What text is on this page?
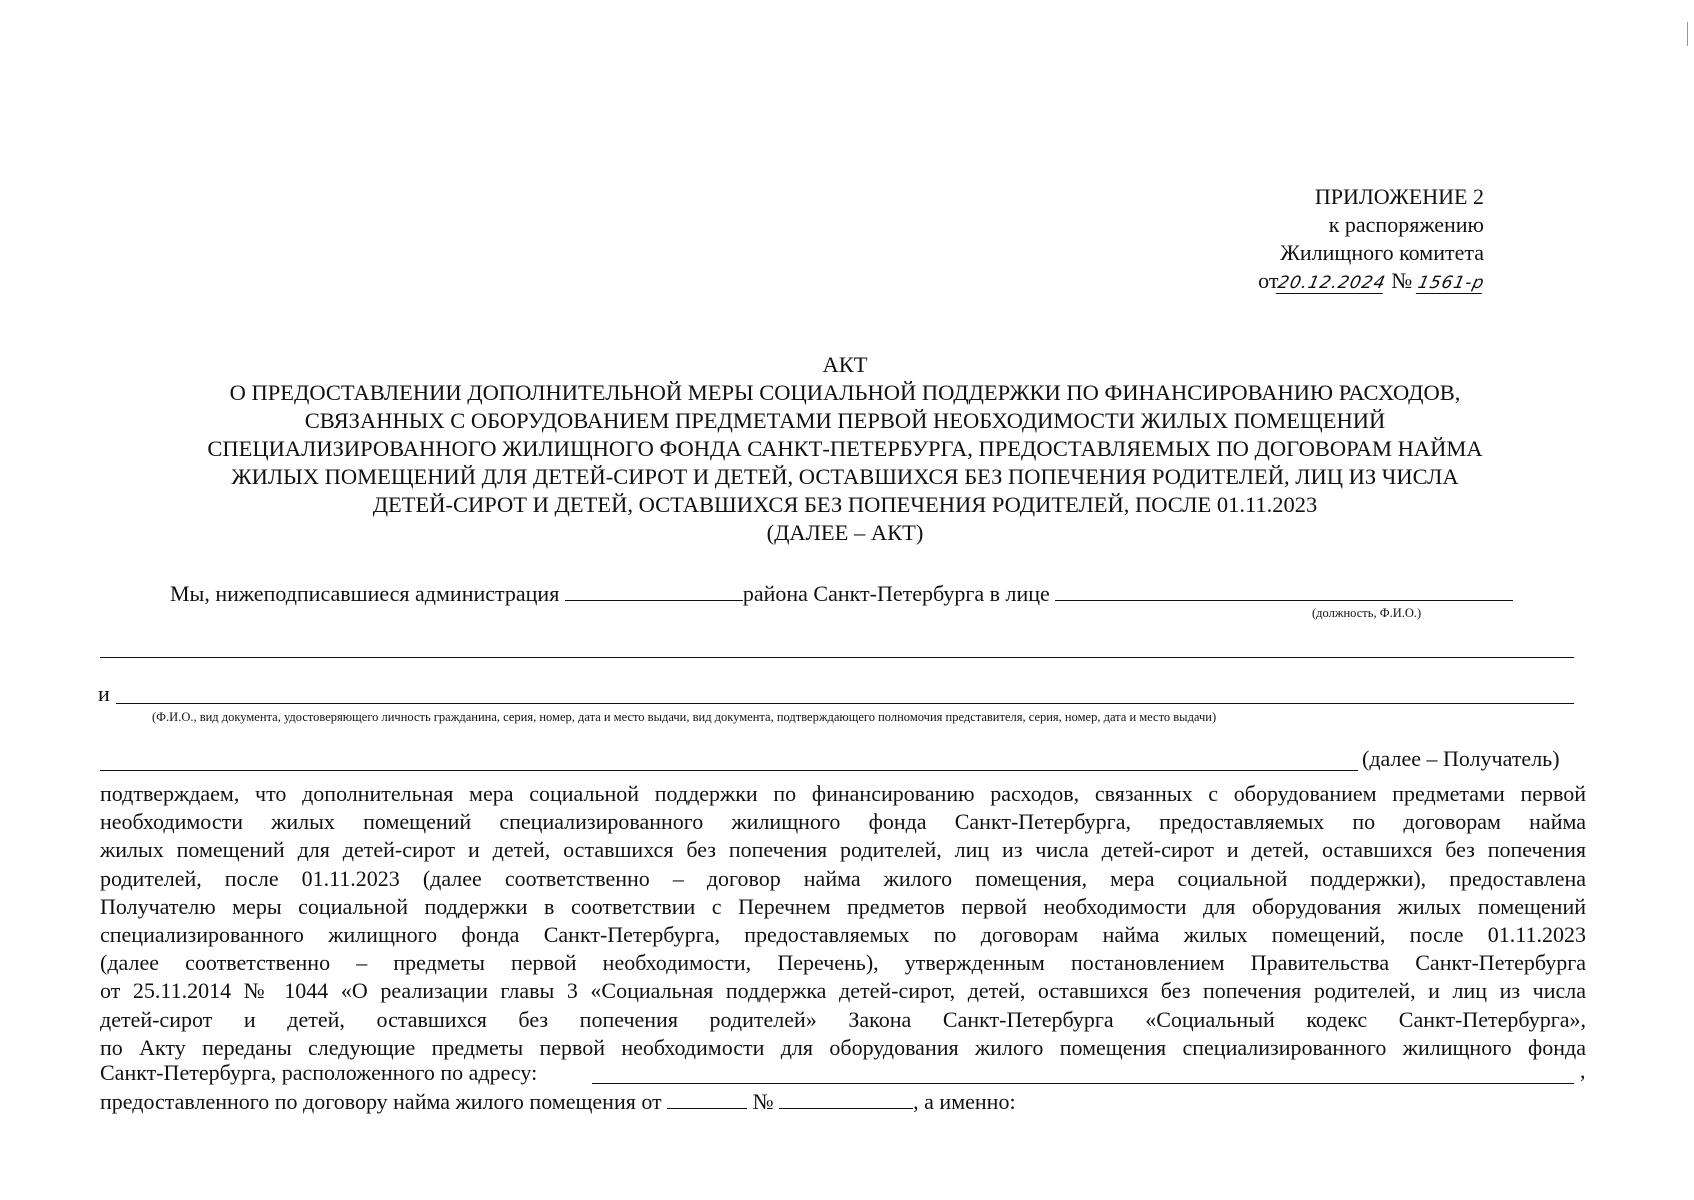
ПРИЛОЖЕНИЕ 2
к распоряжению
Жилищного комитета
от20.12.2024 № 1561-р
АКТ
О ПРЕДОСТАВЛЕНИИ ДОПОЛНИТЕЛЬНОЙ МЕРЫ СОЦИАЛЬНОЙ ПОДДЕРЖКИ ПО ФИНАНСИРОВАНИЮ РАСХОДОВ,
СВЯЗАННЫХ С ОБОРУДОВАНИЕМ ПРЕДМЕТАМИ ПЕРВОЙ НЕОБХОДИМОСТИ ЖИЛЫХ ПОМЕЩЕНИЙ
СПЕЦИАЛИЗИРОВАННОГО ЖИЛИЩНОГО ФОНДА САНКТ-ПЕТЕРБУРГА, ПРЕДОСТАВЛЯЕМЫХ ПО ДОГОВОРАМ НАЙМА
ЖИЛЫХ ПОМЕЩЕНИЙ ДЛЯ ДЕТЕЙ-СИРОТ И ДЕТЕЙ, ОСТАВШИХСЯ БЕЗ ПОПЕЧЕНИЯ РОДИТЕЛЕЙ, ЛИЦ ИЗ ЧИСЛА
ДЕТЕЙ-СИРОТ И ДЕТЕЙ, ОСТАВШИХСЯ БЕЗ ПОПЕЧЕНИЯ РОДИТЕЛЕЙ, ПОСЛЕ 01.11.2023
(ДАЛЕЕ – АКТ)
Мы, нижеподписавшиеся администрация	района Санкт-Петербурга в лице
(должность, Ф.И.О.)
и
(Ф.И.О., вид документа, удостоверяющего личность гражданина, серия, номер, дата и место выдачи, вид документа, подтверждающего полномочия представителя, серия, номер, дата и место выдачи)
(далее – Получатель)
подтверждаем, что дополнительная мера социальной поддержки по финансированию расходов, связанных с оборудованием предметами первой
необходимости жилых помещений специализированного жилищного фонда Санкт-Петербурга, предоставляемых по договорам найма
жилых помещений для детей-сирот и детей, оставшихся без попечения родителей, лиц из числа детей-сирот и детей, оставшихся без попечения
родителей, после 01.11.2023 (далее соответственно – договор найма жилого помещения, мера социальной поддержки), предоставлена
Получателю меры социальной поддержки в соответствии с Перечнем предметов первой необходимости для оборудования жилых помещений
специализированного жилищного фонда Санкт-Петербурга, предоставляемых по договорам найма жилых помещений, после 01.11.2023
(далее соответственно – предметы первой необходимости, Перечень), утвержденным постановлением Правительства Санкт-Петербурга
от 25.11.2014 № 1044 «О реализации главы 3 «Социальная поддержка детей-сирот, детей, оставшихся без попечения родителей, и лиц из числа
детей-сирот и детей, оставшихся без попечения родителей» Закона Санкт-Петербурга «Социальный кодекс Санкт-Петербурга»,
по Акту переданы следующие предметы первой необходимости для оборудования жилого помещения специализированного жилищного фонда
Санкт-Петербурга, расположенного по адресу:	,
предоставленного по договору найма жилого помещения от	№	, а именно:
